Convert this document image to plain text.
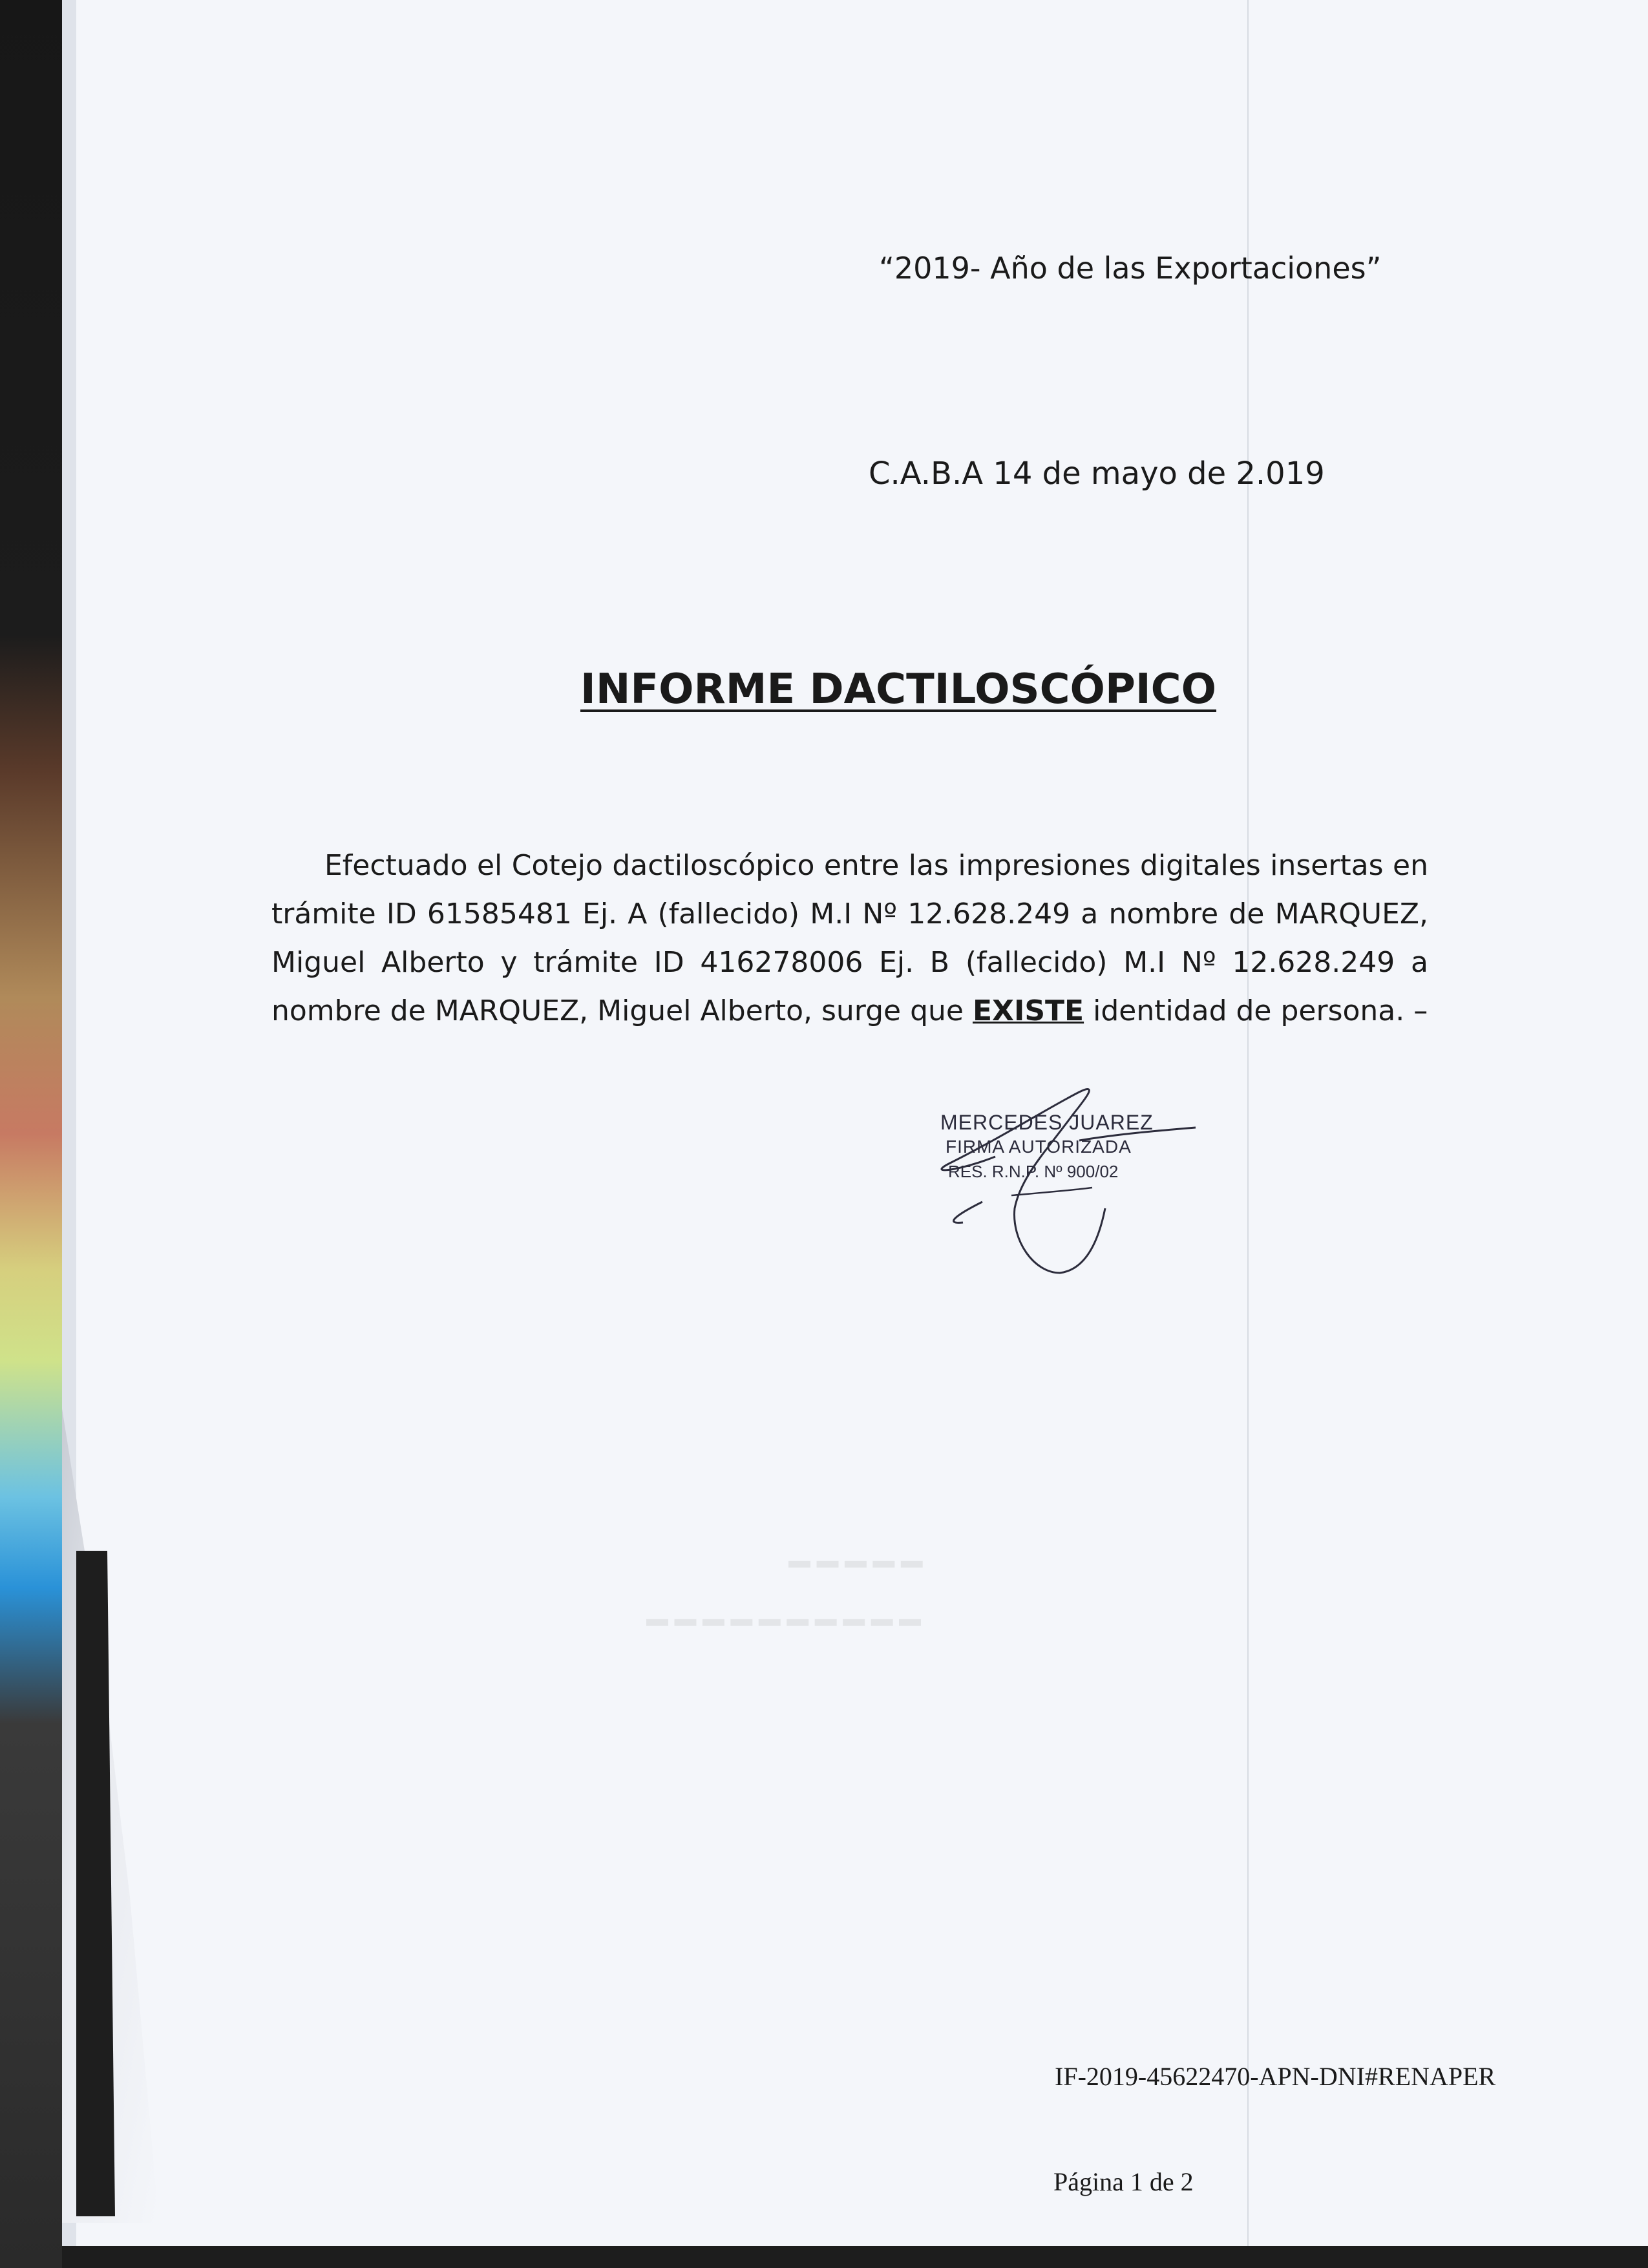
“2019- Año de las Exportaciones”
C.A.B.A 14 de mayo de 2.019
INFORME DACTILOSCÓPICO

Efectuado el Cotejo dactiloscópico entre las impresiones digitales insertas en trámite ID 61585481 Ej. A (fallecido) M.I Nº 12.628.249 a nombre de MARQUEZ, Miguel Alberto y trámite ID 416278006 Ej. B (fallecido) M.I Nº 12.628.249 a nombre de MARQUEZ, Miguel Alberto, surge que EXISTE identidad de persona. –

MERCEDES JUAREZ
FIRMA AUTORIZADA
RES. R.N.P. Nº 900/02
▬ ▬ ▬ ▬ ▬
▬ ▬ ▬ ▬ ▬ ▬ ▬ ▬ ▬ ▬
IF-2019-45622470-APN-DNI#RENAPER
Página 1 de 2
